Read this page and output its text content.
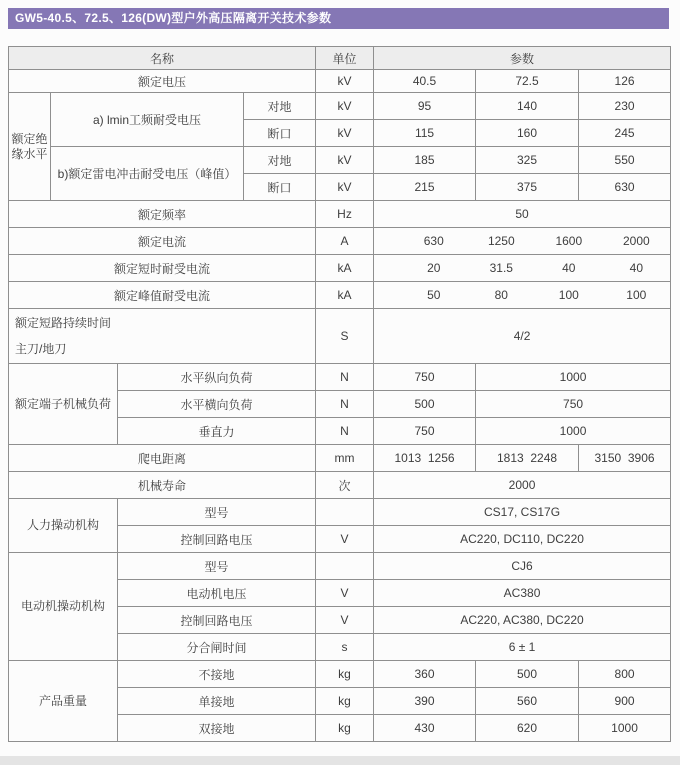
GW5-40.5、72.5、126(DW)型户外高压隔离开关技术参数
名称				单位	参数		
额定电压				kV	40.5	72.5	126
额定绝缘水平	a) lmin工频耐受电压		对地	kV	95	140	230
			断口	kV	115	160	245
	b)额定雷电冲击耐受电压（峰值）		对地	kV	185	325	550
			断口	kV	215	375	630
额定频率				Hz	50		
额定电流				A	630 1250 1600 2000		

额定短时耐受电流				kA	20 31.5 40 40		

额定峰值耐受电流				kA	50 80 100 100		

额定短路持续时间
主刀/地刀				S	4/2		
额定端子机械负荷		水平纵向负荷		N	750	1000	
		水平横向负荷		N	500	750	
		垂直力		N	750	1000	
爬电距离				mm	1013  1256	1813  2248	3150  3906
机械寿命				次	2000		
人力操动机构		型号			CS17, CS17G		
		控制回路电压		V	AC220, DC110, DC220		
电动机操动机构		型号			CJ6		
		电动机电压		V	AC380		
		控制回路电压		V	AC220, AC380, DC220		
		分合闸时间		s	6 ± 1		
产品重量		不接地		kg	360	500	800
		单接地		kg	390	560	900
		双接地		kg	430	620	1000
